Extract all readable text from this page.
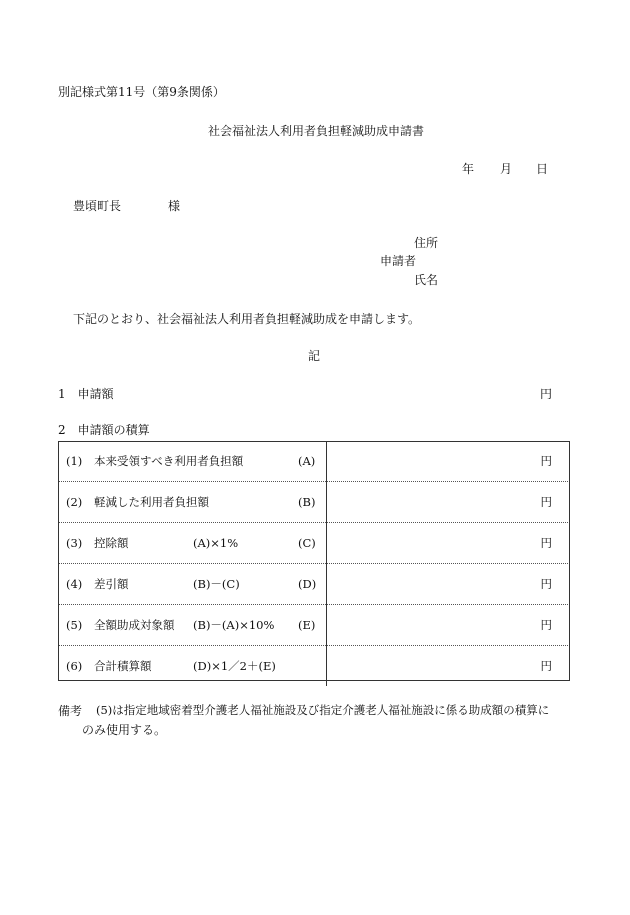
別記様式第11号（第9条関係）
社会福祉法人利用者負担軽減助成申請書
年 月 日
豊頃町長	様
住所
申請者
氏名
下記のとおり、社会福祉法人利用者負担軽減助成を申請します。
記
1　申請額	円
2　申請額の積算
(1) 本来受領すべき利用者負担額 (A)	円

(2) 軽減した利用者負担額 (B)	円

(3) 控除額 (A)×1% (C)	円

(4) 差引額 (B)－(C) (D)	円

(5) 全額助成対象額 (B)－(A)×10% (E)	円

(6) 合計積算額 (D)×1／2＋(E)	円
備考 (5)は指定地域密着型介護老人福祉施設及び指定介護老人福祉施設に係る助成額の積算に
のみ使用する。
